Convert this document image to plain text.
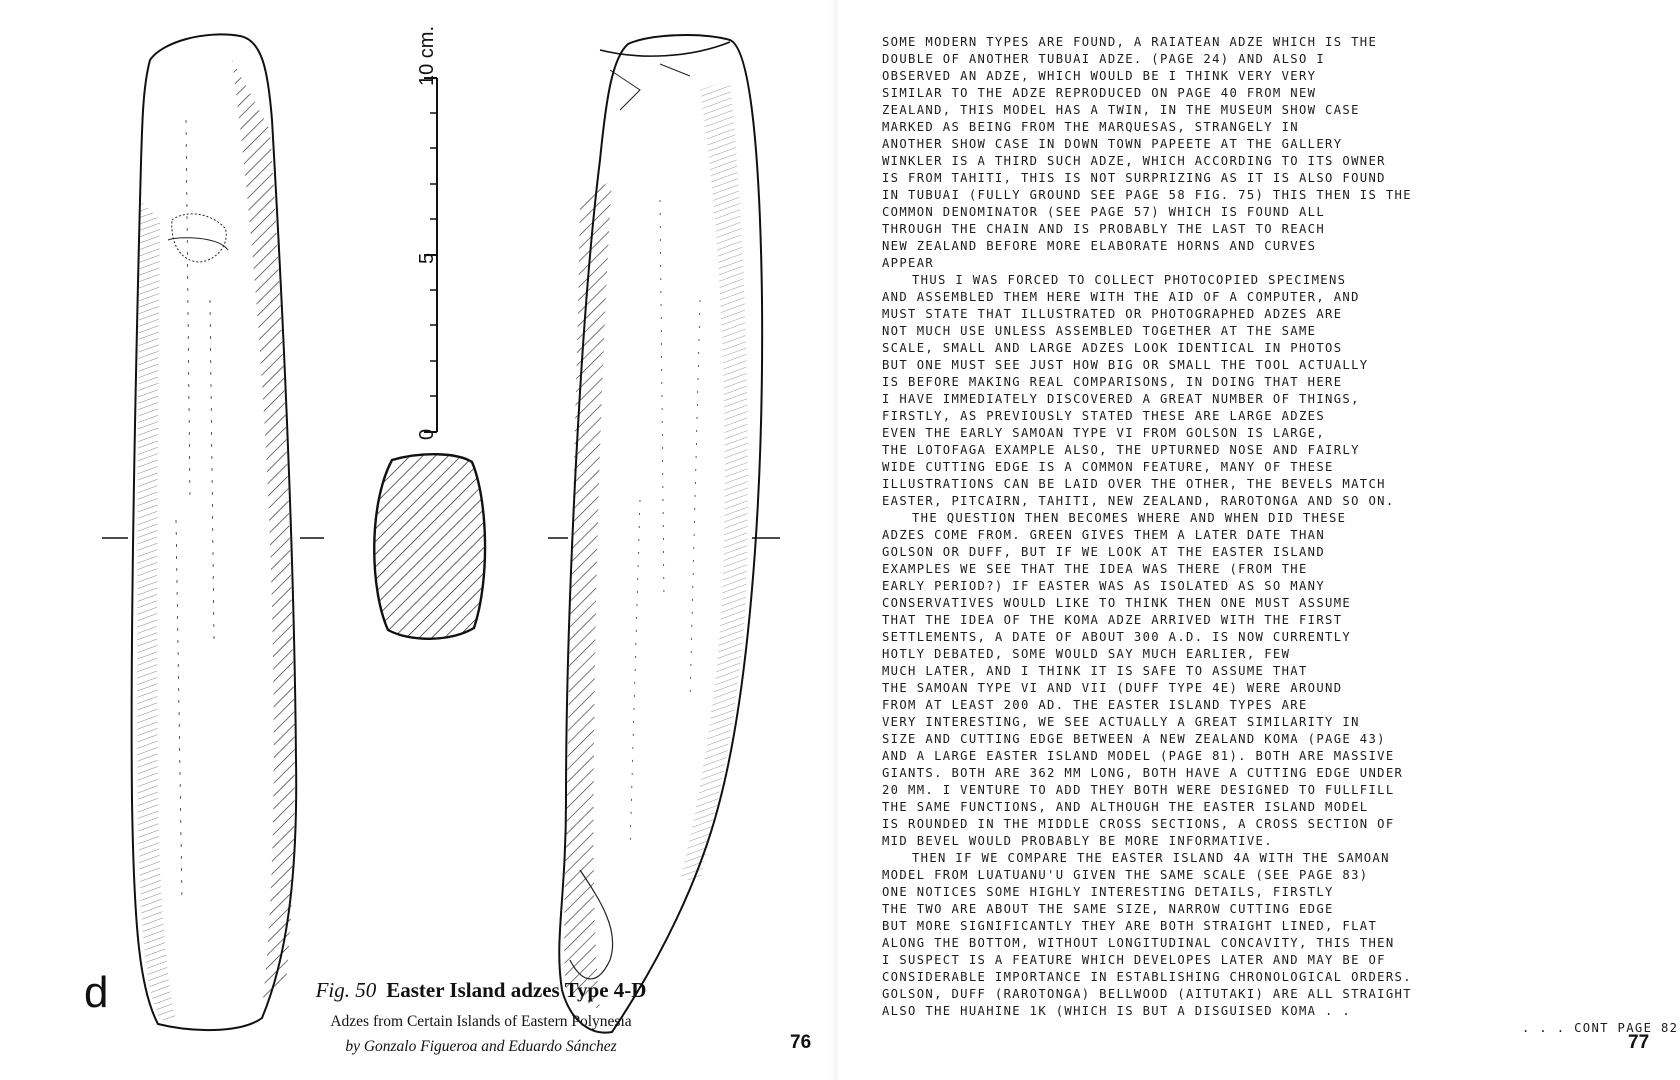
10 cm.
0
5
d	Fig. 50 Easter Island adzes Type 4-D

Adzes from Certain Islands of Eastern Polynesia

by Gonzalo Figueroa and Eduardo Sánchez	76
SOME MODERN TYPES ARE FOUND, A RAIATEAN ADZE WHICH IS THE
DOUBLE OF ANOTHER TUBUAI ADZE. (PAGE 24) AND ALSO I
OBSERVED AN ADZE, WHICH WOULD BE I THINK VERY VERY
SIMILAR TO THE ADZE REPRODUCED ON PAGE 40 FROM NEW
ZEALAND, THIS MODEL HAS A TWIN, IN THE MUSEUM SHOW CASE
MARKED AS BEING FROM THE MARQUESAS, STRANGELY IN
ANOTHER SHOW CASE IN DOWN TOWN PAPEETE AT THE GALLERY
WINKLER IS A THIRD SUCH ADZE, WHICH ACCORDING TO ITS OWNER
IS FROM TAHITI, THIS IS NOT SURPRIZING AS IT IS ALSO FOUND
IN TUBUAI (FULLY GROUND SEE PAGE 58 FIG. 75) THIS THEN IS THE
COMMON DENOMINATOR (SEE PAGE 57) WHICH IS FOUND ALL
THROUGH THE CHAIN AND IS PROBABLY THE LAST TO REACH
NEW ZEALAND BEFORE MORE ELABORATE HORNS AND CURVES
APPEAR
THUS I WAS FORCED TO COLLECT PHOTOCOPIED SPECIMENS
AND ASSEMBLED THEM HERE WITH THE AID OF A COMPUTER, AND
MUST STATE THAT ILLUSTRATED OR PHOTOGRAPHED ADZES ARE
NOT MUCH USE UNLESS ASSEMBLED TOGETHER AT THE SAME
SCALE, SMALL AND LARGE ADZES LOOK IDENTICAL IN PHOTOS
BUT ONE MUST SEE JUST HOW BIG OR SMALL THE TOOL ACTUALLY
IS BEFORE MAKING REAL COMPARISONS, IN DOING THAT HERE
I HAVE IMMEDIATELY DISCOVERED A GREAT NUMBER OF THINGS,
FIRSTLY, AS PREVIOUSLY STATED THESE ARE LARGE ADZES
EVEN THE EARLY SAMOAN TYPE VI FROM GOLSON IS LARGE,
THE LOTOFAGA EXAMPLE ALSO, THE UPTURNED NOSE AND FAIRLY
WIDE CUTTING EDGE IS A COMMON FEATURE, MANY OF THESE
ILLUSTRATIONS CAN BE LAID OVER THE OTHER, THE BEVELS MATCH
EASTER, PITCAIRN, TAHITI, NEW ZEALAND, RAROTONGA AND SO ON.
THE QUESTION THEN BECOMES WHERE AND WHEN DID THESE
ADZES COME FROM. GREEN GIVES THEM A LATER DATE THAN
GOLSON OR DUFF, BUT IF WE LOOK AT THE EASTER ISLAND
EXAMPLES WE SEE THAT THE IDEA WAS THERE (FROM THE
EARLY PERIOD?) IF EASTER WAS AS ISOLATED AS SO MANY
CONSERVATIVES WOULD LIKE TO THINK THEN ONE MUST ASSUME
THAT THE IDEA OF THE KOMA ADZE ARRIVED WITH THE FIRST
SETTLEMENTS, A DATE OF ABOUT 300 A.D. IS NOW CURRENTLY
HOTLY DEBATED, SOME WOULD SAY MUCH EARLIER, FEW
MUCH LATER, AND I THINK IT IS SAFE TO ASSUME THAT
THE SAMOAN TYPE VI AND VII (DUFF TYPE 4E) WERE AROUND
FROM AT LEAST 200 AD. THE EASTER ISLAND TYPES ARE
VERY INTERESTING, WE SEE ACTUALLY A GREAT SIMILARITY IN
SIZE AND CUTTING EDGE BETWEEN A NEW ZEALAND KOMA (PAGE 43)
AND A LARGE EASTER ISLAND MODEL (PAGE 81). BOTH ARE MASSIVE
GIANTS. BOTH ARE 362 MM LONG, BOTH HAVE A CUTTING EDGE UNDER
20 MM. I VENTURE TO ADD THEY BOTH WERE DESIGNED TO FULLFILL
THE SAME FUNCTIONS, AND ALTHOUGH THE EASTER ISLAND MODEL
IS ROUNDED IN THE MIDDLE CROSS SECTIONS, A CROSS SECTION OF
MID BEVEL WOULD PROBABLY BE MORE INFORMATIVE.
THEN IF WE COMPARE THE EASTER ISLAND 4A WITH THE SAMOAN
MODEL FROM LUATUANU'U GIVEN THE SAME SCALE (SEE PAGE 83)
ONE NOTICES SOME HIGHLY INTERESTING DETAILS, FIRSTLY
THE TWO ARE ABOUT THE SAME SIZE, NARROW CUTTING EDGE
BUT MORE SIGNIFICANTLY THEY ARE BOTH STRAIGHT LINED, FLAT
ALONG THE BOTTOM, WITHOUT LONGITUDINAL CONCAVITY, THIS THEN
I SUSPECT IS A FEATURE WHICH DEVELOPES LATER AND MAY BE OF
CONSIDERABLE IMPORTANCE IN ESTABLISHING CHRONOLOGICAL ORDERS.
GOLSON, DUFF (RAROTONGA) BELLWOOD (AITUTAKI) ARE ALL STRAIGHT
ALSO THE HUAHINE 1K (WHICH IS BUT A DISGUISED KOMA . .
. . . CONT PAGE 82
77
